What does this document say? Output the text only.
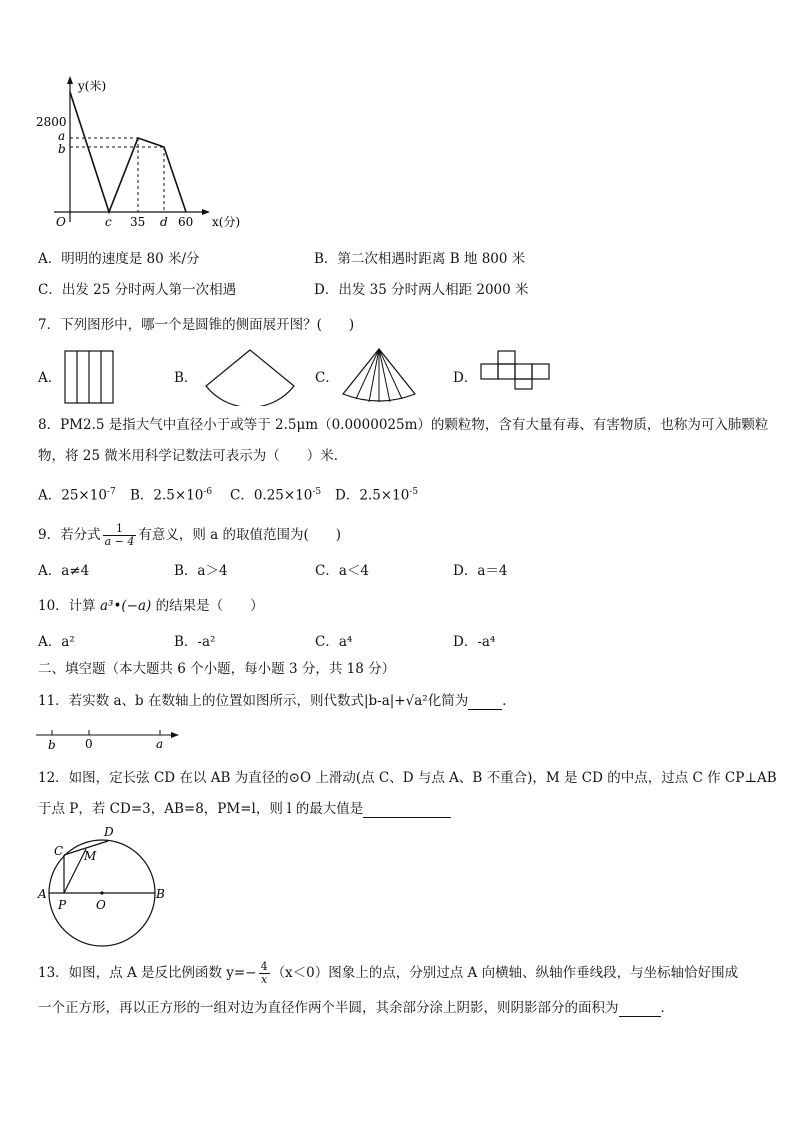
y(米)
2800
a
b
O	c 35 d 60 x(分)
A．明明的速度是 80 米/分	B．第二次相遇时距离 B 地 800 米
C．出发 25 分时两人第一次相遇	D．出发 35 分时两人相距 2000 米
7．下列图形中，哪一个是圆锥的侧面展开图？(　　)
A．	B．	C．	D．
8．PM2.5 是指大气中直径小于或等于 2.5μm（0.0000025m）的颗粒物，含有大量有毒、有害物质，也称为可入肺颗粒
物，将 25 微米用科学记数法可表示为（　　）米．
A．$25\times 10^{-7}$ B．$2.5\times 10^{-6}$ C．$0.25\times 10^{-5}$ D．$2.5\times 10^{-5}$
9．若分式 $\frac{1}{a - 4}$ 有意义，则 a 的取值范围为(　　)
A．a≠4	B．a＞4	C．a＜4	D．a＝4
10．计算 a³•(−a) 的结果是（　　）
A．a²	B．-a²	C．a⁴	D．-a⁴
二、填空题（本大题共 6 个小题，每小题 3 分，共 18 分）
11．若实数 a、b 在数轴上的位置如图所示，则代数式|b-a|+√a²化简为	．
b 0	a
12．如图，定长弦 CD 在以 AB 为直径的⊙O 上滑动(点 C、D 与点 A、B 不重合)，M 是 CD 的中点，过点 C 作 CP⊥AB
于点 P，若 CD=3，AB=8，PM=l，则 l 的最大值是
C
D
M
A
P O
B
13．如图，点 A 是反比例函数 $y=- \frac{4}{x} (x<0)$图象上的点，分别过点 A 向横轴、纵轴作垂线段，与坐标轴恰好围成
一个正方形，再以正方形的一组对边为直径作两个半圆，其余部分涂上阴影，则阴影部分的面积为	．
